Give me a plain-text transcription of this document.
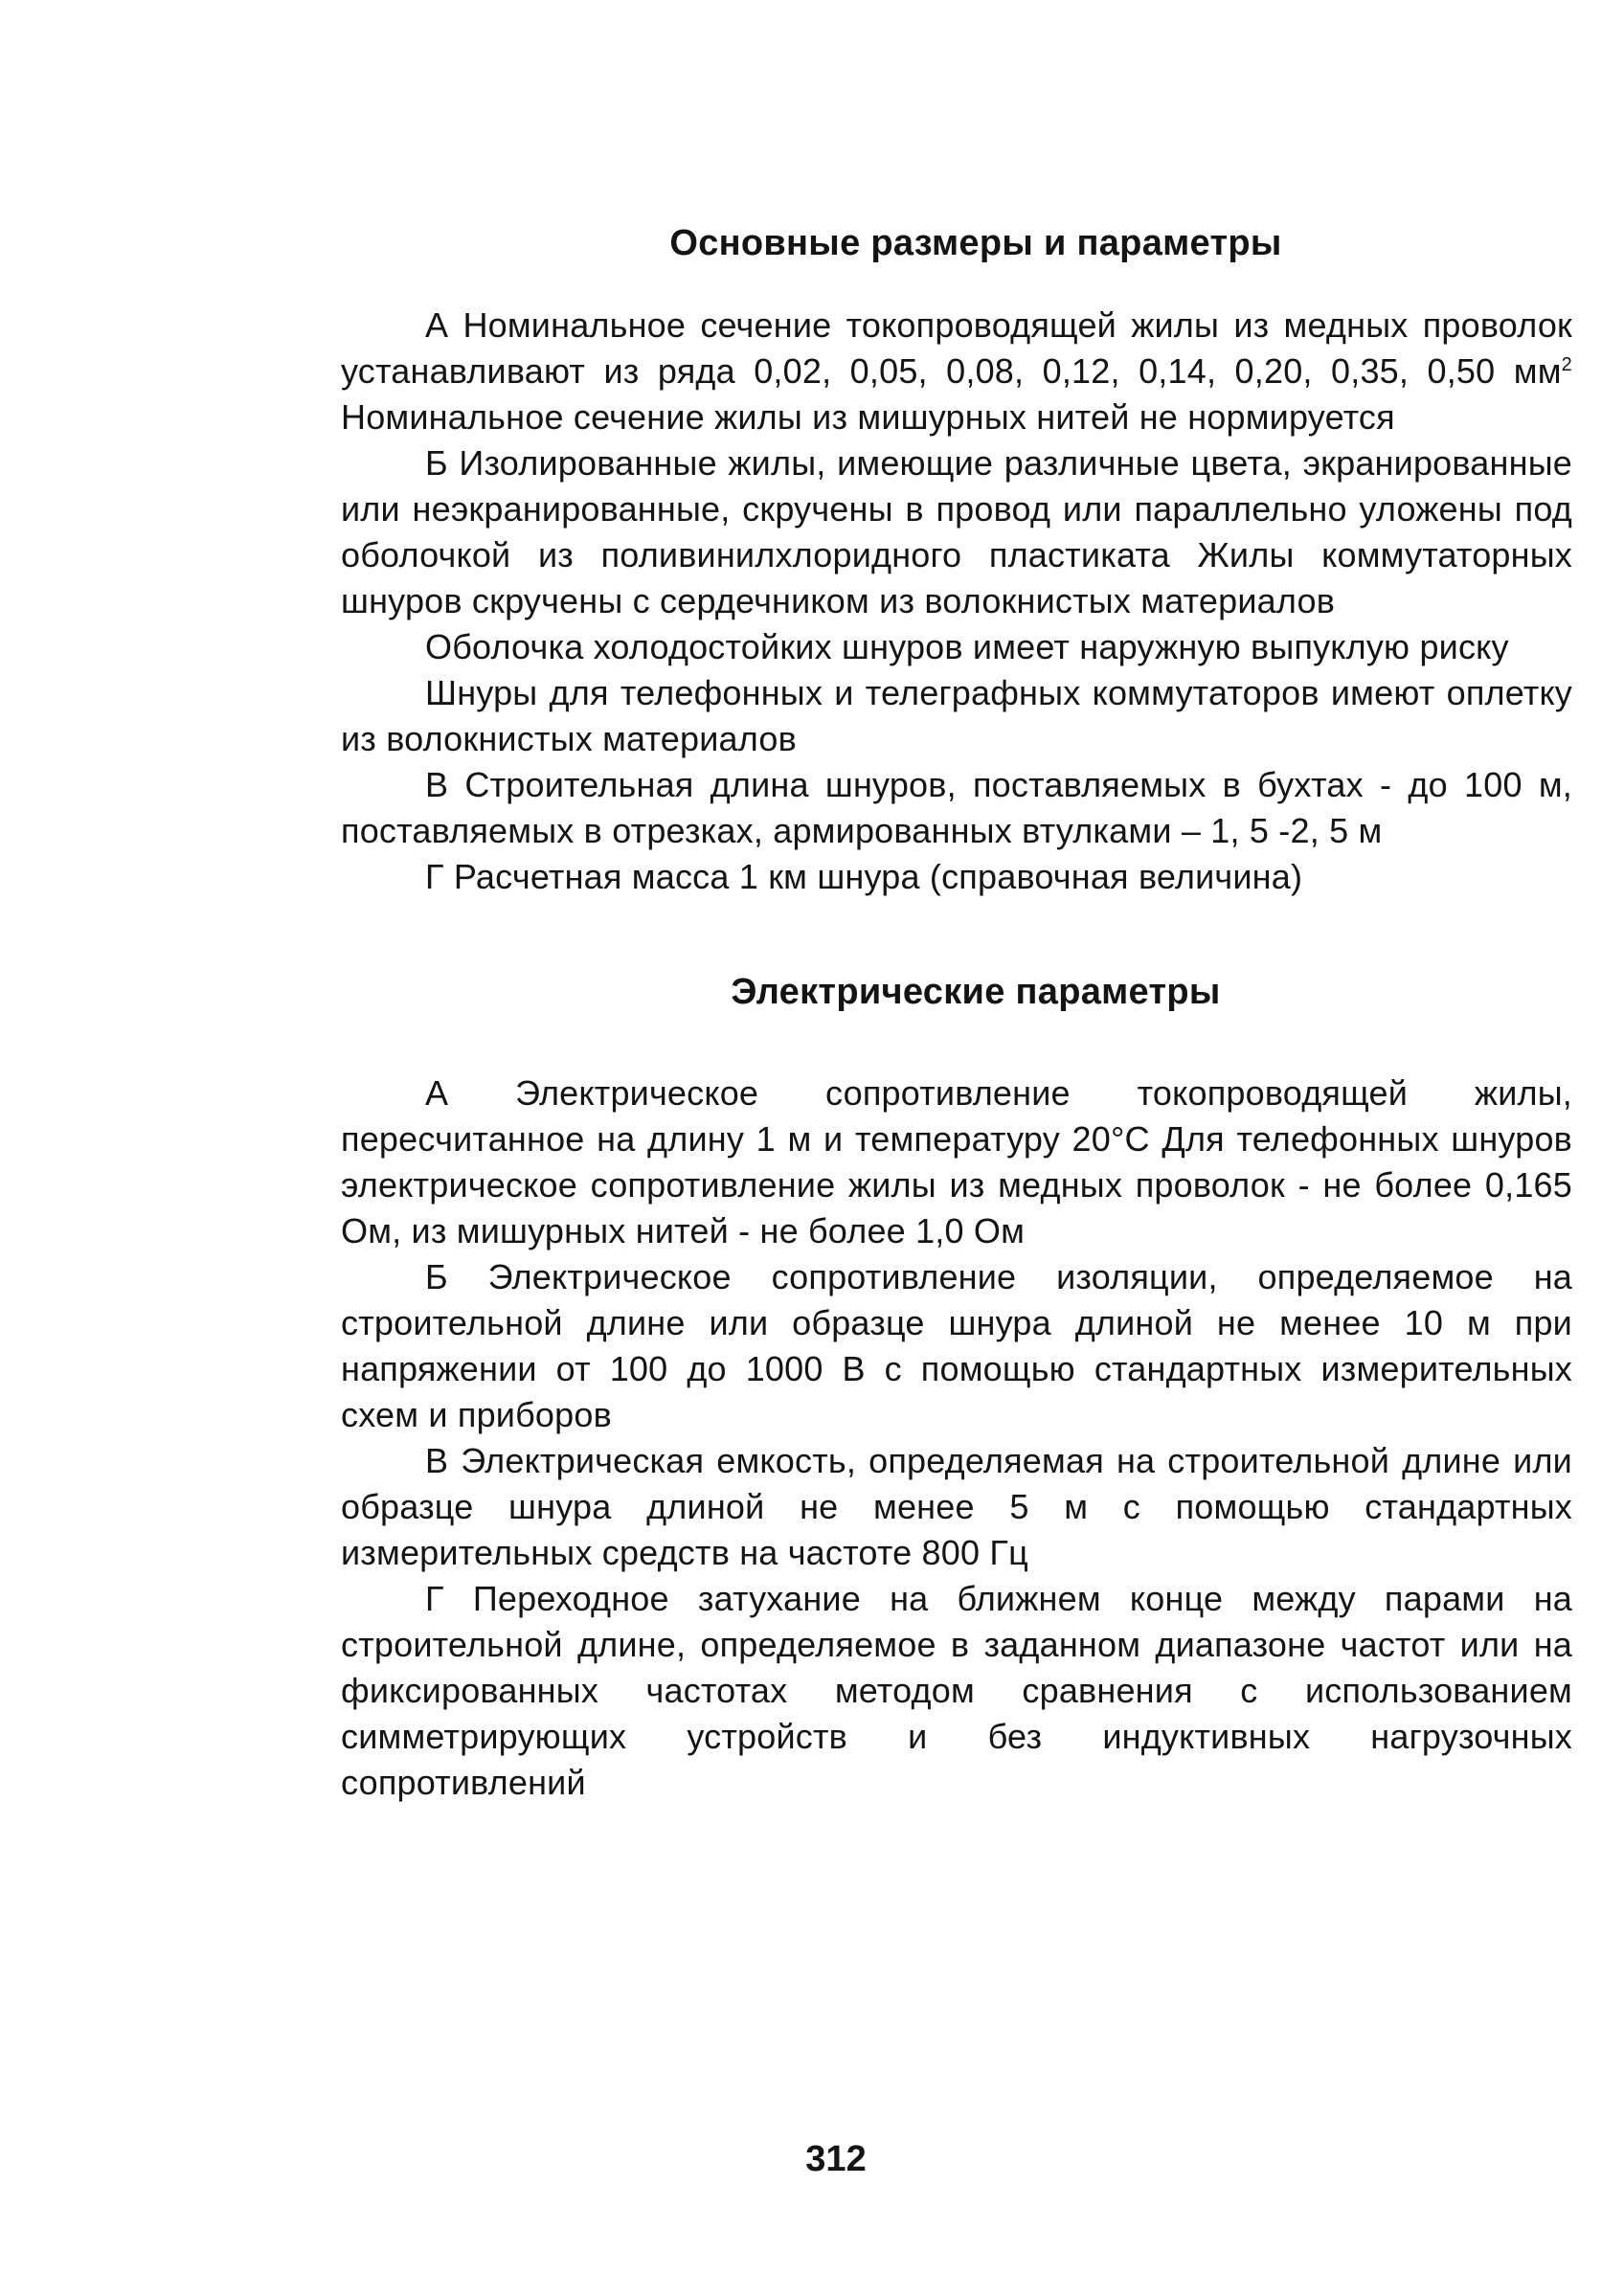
Основные размеры и параметры

А Номинальное сечение токопроводящей жилы из медных проволок устанавливают из ряда 0,02, 0,05, 0,08, 0,12, 0,14, 0,20, 0,35, 0,50 $мм^2$ Номинальное сечение жилы из мишурных нитей не нормируется

Б Изолированные жилы, имеющие различные цвета, экранированные или неэкранированные, скручены в провод или параллельно уложены под оболочкой из поливинилхлоридного пластиката Жилы коммутаторных шнуров скручены с сердечником из волокнистых материалов

Оболочка холодостойких шнуров имеет наружную выпуклую риску

Шнуры для телефонных и телеграфных коммутаторов имеют оплетку из волокнистых материалов

В Строительная длина шнуров, поставляемых в бухтах - до 100 м, поставляемых в отрезках, армированных втулками – 1, 5 -2, 5 м

Г Расчетная масса 1 км шнура (справочная величина)

Электрические параметры

А Электрическое сопротивление токопроводящей жилы, пересчитанное на длину 1 м и температуру 20°С Для телефонных шнуров электрическое сопротивление жилы из медных проволок - не более 0,165 Ом, из мишурных нитей - не более 1,0 Ом

Б Электрическое сопротивление изоляции, определяемое на строительной длине или образце шнура длиной не менее 10 м при напряжении от 100 до 1000 В с помощью стандартных измерительных схем и приборов

В Электрическая емкость, определяемая на строительной длине или образце шнура длиной не менее 5 м с помощью стандартных измерительных средств на частоте 800 Гц

Г Переходное затухание на ближнем конце между парами на строительной длине, определяемое в заданном диапазоне частот или на фиксированных частотах методом сравнения с использованием симметрирующих устройств и без индуктивных нагрузочных сопротивлений

312
